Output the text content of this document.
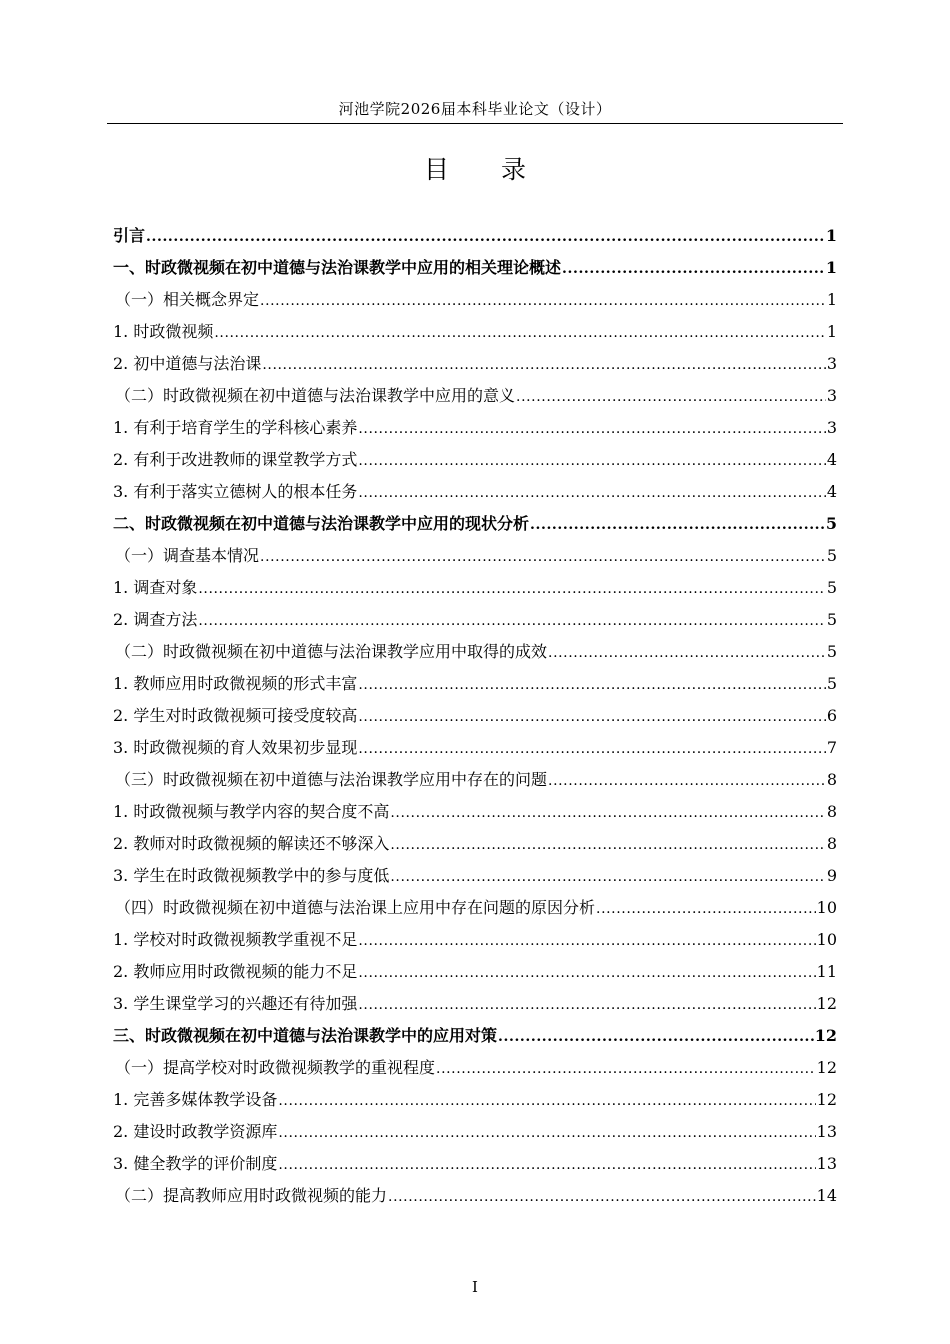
河池学院2026届本科毕业论文（设计）
目 录
引言 .....	1
一、时政微视频在初中道德与法治课教学中应用的相关理论概述 .....	1
（一）相关概念界定 .....	1
1. 时政微视频 .....	1
2. 初中道德与法治课 .....	3
（二）时政微视频在初中道德与法治课教学中应用的意义 .....	3
1. 有利于培育学生的学科核心素养 .....	3
2. 有利于改进教师的课堂教学方式 .....	4
3. 有利于落实立德树人的根本任务 .....	4
二、时政微视频在初中道德与法治课教学中应用的现状分析 .....	5
（一）调查基本情况 .....	5
1. 调查对象 .....	5
2. 调查方法 .....	5
（二）时政微视频在初中道德与法治课教学应用中取得的成效 .....	5
1. 教师应用时政微视频的形式丰富 .....	5
2. 学生对时政微视频可接受度较高 .....	6
3. 时政微视频的育人效果初步显现 .....	7
（三）时政微视频在初中道德与法治课教学应用中存在的问题 .....	8
1. 时政微视频与教学内容的契合度不高 .....	8
2. 教师对时政微视频的解读还不够深入 .....	8
3. 学生在时政微视频教学中的参与度低 .....	9
（四）时政微视频在初中道德与法治课上应用中存在问题的原因分析 .....	10
1. 学校对时政微视频教学重视不足 .....	10
2. 教师应用时政微视频的能力不足 .....	11
3. 学生课堂学习的兴趣还有待加强 .....	12
三、时政微视频在初中道德与法治课教学中的应用对策 .....	12
（一）提高学校对时政微视频教学的重视程度 .....	12
1. 完善多媒体教学设备 .....	12
2. 建设时政教学资源库 .....	13
3. 健全教学的评价制度 .....	13
（二）提高教师应用时政微视频的能力 .....	14
I
